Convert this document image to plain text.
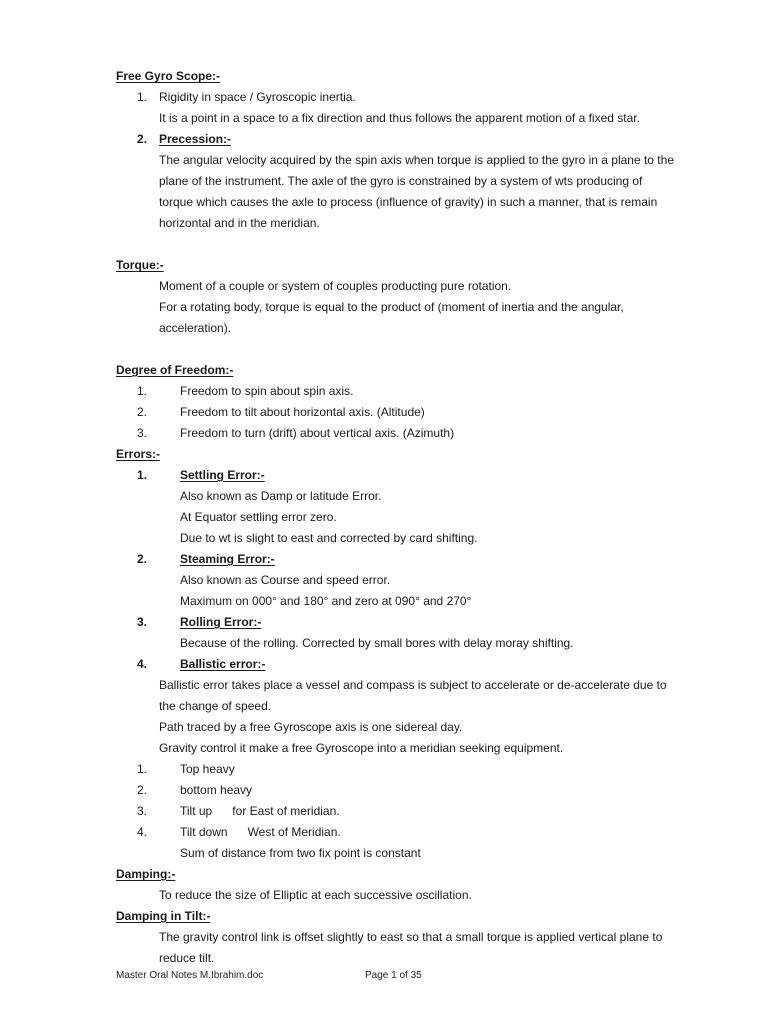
Free Gyro Scope:-
1. Rigidity in space / Gyroscopic inertia.
It is a point in a space to a fix direction and thus follows the apparent motion of a fixed star.
2. Precession:-
The angular velocity acquired by the spin axis when torque is applied to the gyro in a plane to the
plane of the instrument. The axle of the gyro is constrained by a system of wts producing of
torque which causes the axle to process (influence of gravity) in such a manner, that is remain
horizontal and in the meridian.
Torque:-
Moment of a couple or system of couples producting pure rotation.
For a rotating body, torque is equal to the product of (moment of inertia and the angular,
acceleration).
Degree of Freedom:-
1.	Freedom to spin about spin axis.
2.	Freedom to tilt about horizontal axis. (Altitude)
3.	Freedom to turn (drift) about vertical axis. (Azimuth)
Errors:-
1.	Settling Error:-
Also known as Damp or latitude Error.
At Equator settling error zero.
Due to wt is slight to east and corrected by card shifting.
2.	Steaming Error:-
Also known as Course and speed error.
Maximum on 000° and 180° and zero at 090° and 270°
3.	Rolling Error:-
Because of the rolling. Corrected by small bores with delay moray shifting.
4.	Ballistic error:-
Ballistic error takes place a vessel and compass is subject to accelerate or de-accelerate due to
the change of speed.
Path traced by a free Gyroscope axis is one sidereal day.
Gravity control it make a free Gyroscope into a meridian seeking equipment.
1.	Top heavy
2.	bottom heavy
3.	Tilt up      for East of meridian.
4.	Tilt down      West of Meridian.
Sum of distance from two fix point is constant
Damping:-
To reduce the size of Elliptic at each successive oscillation.
Damping in Tilt:-
The gravity control link is offset slightly to east so that a small torque is applied vertical plane to
reduce tilt.
Master Oral Notes M.Ibrahim.doc	Page 1 of 35
